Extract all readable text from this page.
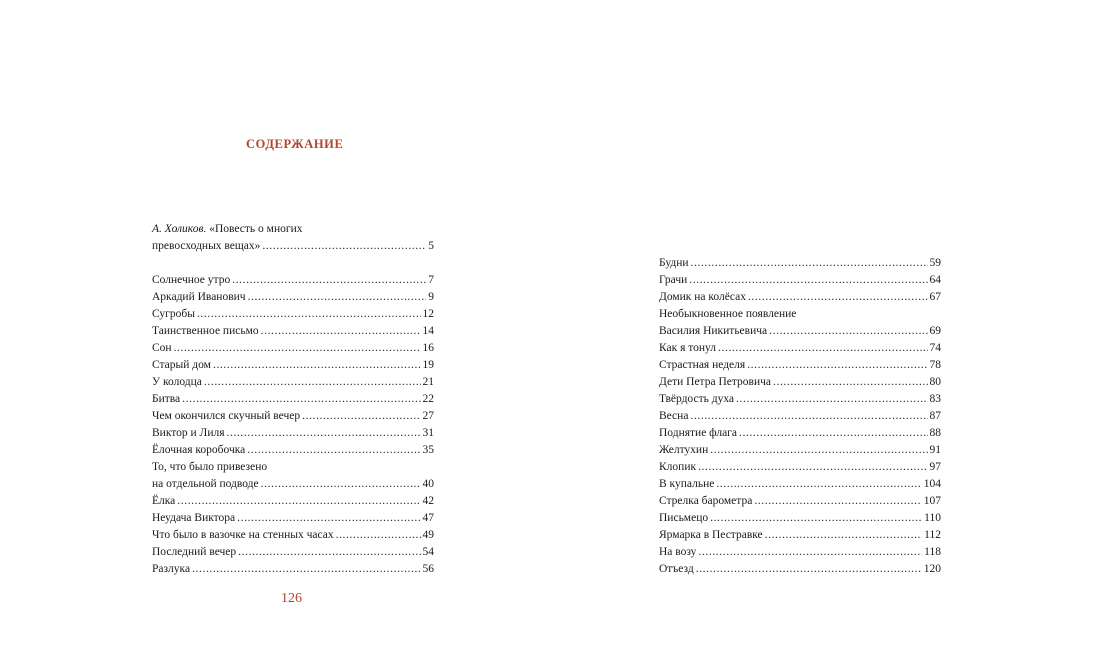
СОДЕРЖАНИЕ
А. Холиков. «Повесть о многих
превосходных вещах» .....	5
Солнечное утро .....	7
Аркадий Иванович .....	9
Сугробы .....	12
Таинственное письмо .....	14
Сон .....	16
Старый дом .....	19
У колодца .....	21
Битва .....	22
Чем окончился скучный вечер .....	27
Виктор и Лиля .....	31
Ёлочная коробочка .....	35
То, что было привезено
на отдельной подводе .....	40
Ёлка .....	42
Неудача Виктора .....	47
Что было в вазочке на стенных часах .....	49
Последний вечер .....	54
Разлука .....	56
Будни .....	59
Грачи .....	64
Домик на колёсах .....	67
Необыкновенное появление
Василия Никитьевича .....	69
Как я тонул .....	74
Страстная неделя .....	78
Дети Петра Петровича .....	80
Твёрдость духа .....	83
Весна .....	87
Поднятие флага .....	88
Желтухин .....	91
Клопик .....	97
В купальне .....	104
Стрелка барометра .....	107
Письмецо .....	110
Ярмарка в Пестравке .....	112
На возу .....	118
Отъезд .....	120
126
